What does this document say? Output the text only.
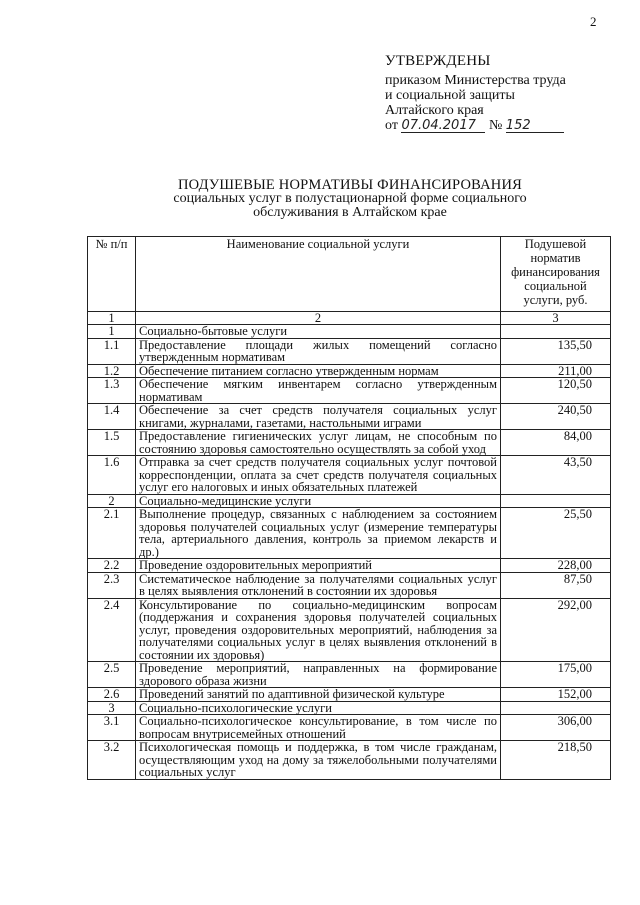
2
УТВЕРЖДЕНЫ
приказом Министерства труда
и социальной защиты
Алтайского края
от 07.04.2017 № 152
ПОДУШЕВЫЕ НОРМАТИВЫ ФИНАНСИРОВАНИЯ
социальных услуг в полустационарной форме социального
обслуживания в Алтайском крае
№ п/п	Наименование социальной услуги	Подушевой норматив финансирования социальной услуги, руб.
1	2	3
1	Социально-бытовые услуги	
1.1	Предоставление площади жилых помещений согласно утвержденным нормативам	135,50
1.2	Обеспечение питанием согласно утвержденным нормам	211,00
1.3	Обеспечение мягким инвентарем согласно утвержденным нормативам	120,50
1.4	Обеспечение за счет средств получателя социальных услуг книгами, журналами, газетами, настольными играми	240,50
1.5	Предоставление гигиенических услуг лицам, не способным по состоянию здоровья самостоятельно осуществлять за собой уход	84,00
1.6	Отправка за счет средств получателя социальных услуг почтовой корреспонденции, оплата за счет средств получателя социальных услуг его налоговых и иных обязательных платежей	43,50
2	Социально-медицинские услуги	
2.1	Выполнение процедур, связанных с наблюдением за состоянием здоровья получателей социальных услуг (измерение температуры тела, артериального давления, контроль за приемом лекарств и др.)	25,50
2.2	Проведение оздоровительных мероприятий	228,00
2.3	Систематическое наблюдение за получателями социальных услуг в целях выявления отклонений в состоянии их здоровья	87,50
2.4	Консультирование по социально-медицинским вопросам (поддержания и сохранения здоровья получателей социальных услуг, проведения оздоровительных мероприятий, наблюдения за получателями социальных услуг в целях выявления отклонений в состоянии их здоровья)	292,00
2.5	Проведение мероприятий, направленных на формирование здорового образа жизни	175,00
2.6	Проведений занятий по адаптивной физической культуре	152,00
3	Социально-психологические услуги	
3.1	Социально-психологическое консультирование, в том числе по вопросам внутрисемейных отношений	306,00
3.2	Психологическая помощь и поддержка, в том числе гражданам, осуществляющим уход на дому за тяжелобольными получателями социальных услуг	218,50
